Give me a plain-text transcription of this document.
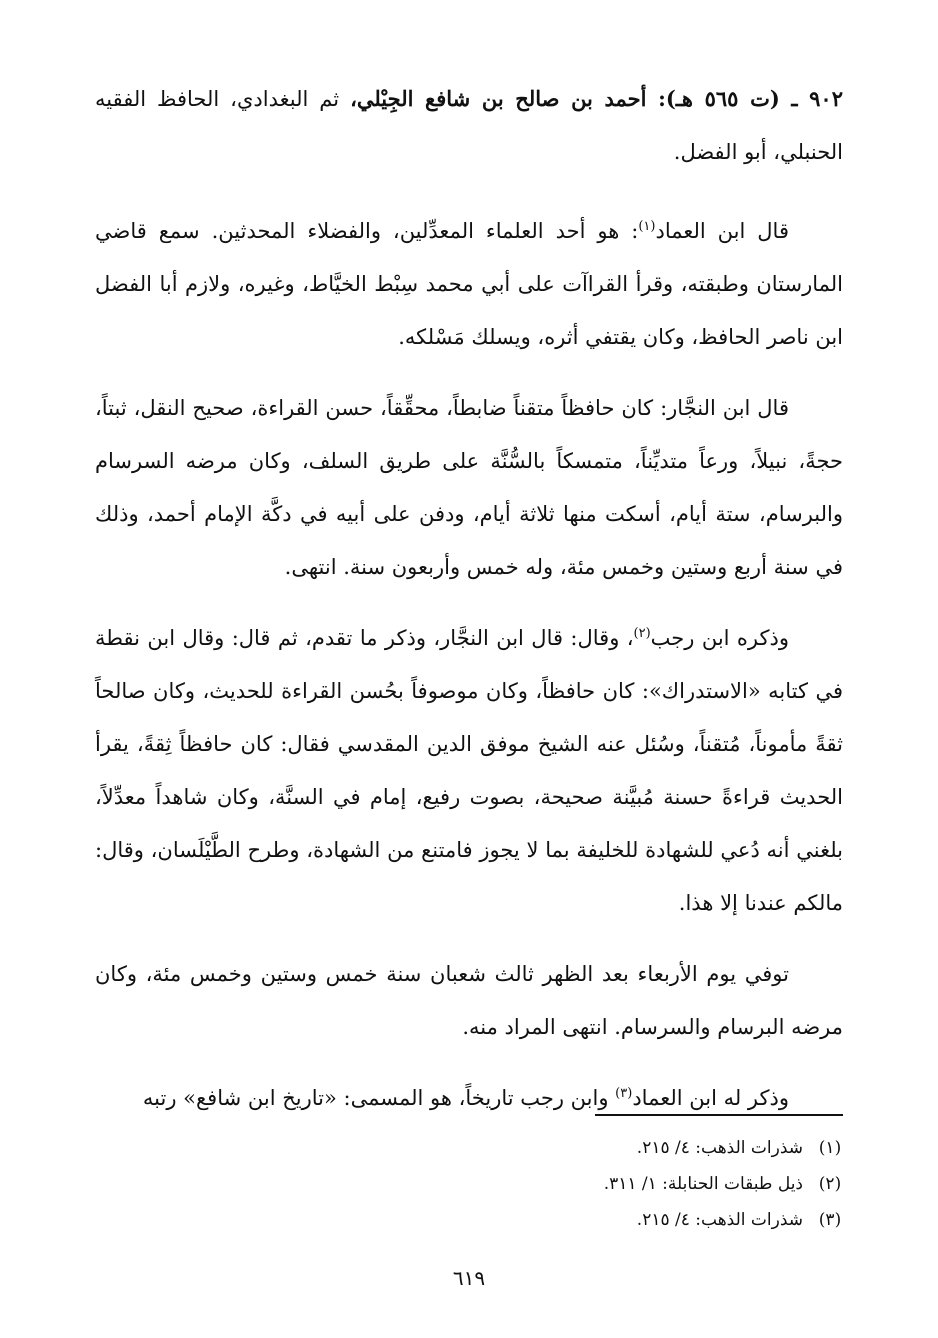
٩٠٢ ـ (ت ٥٦٥ هـ): أحمد بن صالح بن شافع الجِيْلي، ثم البغدادي، الحافظ الفقيه الحنبلي، أبو الفضل.

قال ابن العماد$^{(١)}$: هو أحد العلماء المعدِّلين، والفضلاء المحدثين. سمع قاضي المارستان وطبقته، وقرأ القراآت على أبي محمد سِبْط الخيَّاط، وغيره، ولازم أبا الفضل ابن ناصر الحافظ، وكان يقتفي أثره، ويسلك مَسْلكه.

قال ابن النجَّار: كان حافظاً متقناً ضابطاً، محقِّقاً، حسن القراءة، صحيح النقل، ثبتاً، حجةً، نبيلاً، ورعاً متديِّناً، متمسكاً بالسُّنَّة على طريق السلف، وكان مرضه السرسام والبرسام، ستة أيام، أسكت منها ثلاثة أيام، ودفن على أبيه في دكَّة الإمام أحمد، وذلك في سنة أربع وستين وخمس مئة، وله خمس وأربعون سنة. انتهى.

وذكره ابن رجب$^{(٢)}$، وقال: قال ابن النجَّار، وذكر ما تقدم، ثم قال: وقال ابن نقطة في كتابه «الاستدراك»: كان حافظاً، وكان موصوفاً بحُسن القراءة للحديث، وكان صالحاً ثقةً مأموناً، مُتقناً، وسُئل عنه الشيخ موفق الدين المقدسي فقال: كان حافظاً ثِقةً، يقرأ الحديث قراءةً حسنة مُبيَّنة صحيحة، بصوت رفيع، إمام في السنَّة، وكان شاهداً معدِّلاً، بلغني أنه دُعي للشهادة للخليفة بما لا يجوز فامتنع من الشهادة، وطرح الطَّيْلَسان، وقال: مالكم عندنا إلا هذا.

توفي يوم الأربعاء بعد الظهر ثالث شعبان سنة خمس وستين وخمس مئة، وكان مرضه البرسام والسرسام. انتهى المراد منه.

وذكر له ابن العماد$^{(٣)}$ وابن رجب تاريخاً، هو المسمى: «تاريخ ابن شافع» رتبه

(١)
شذرات الذهب: ٤/ ٢١٥.
(٢)
ذيل طبقات الحنابلة: ١/ ٣١١.
(٣)
شذرات الذهب: ٤/ ٢١٥.
٦١٩
